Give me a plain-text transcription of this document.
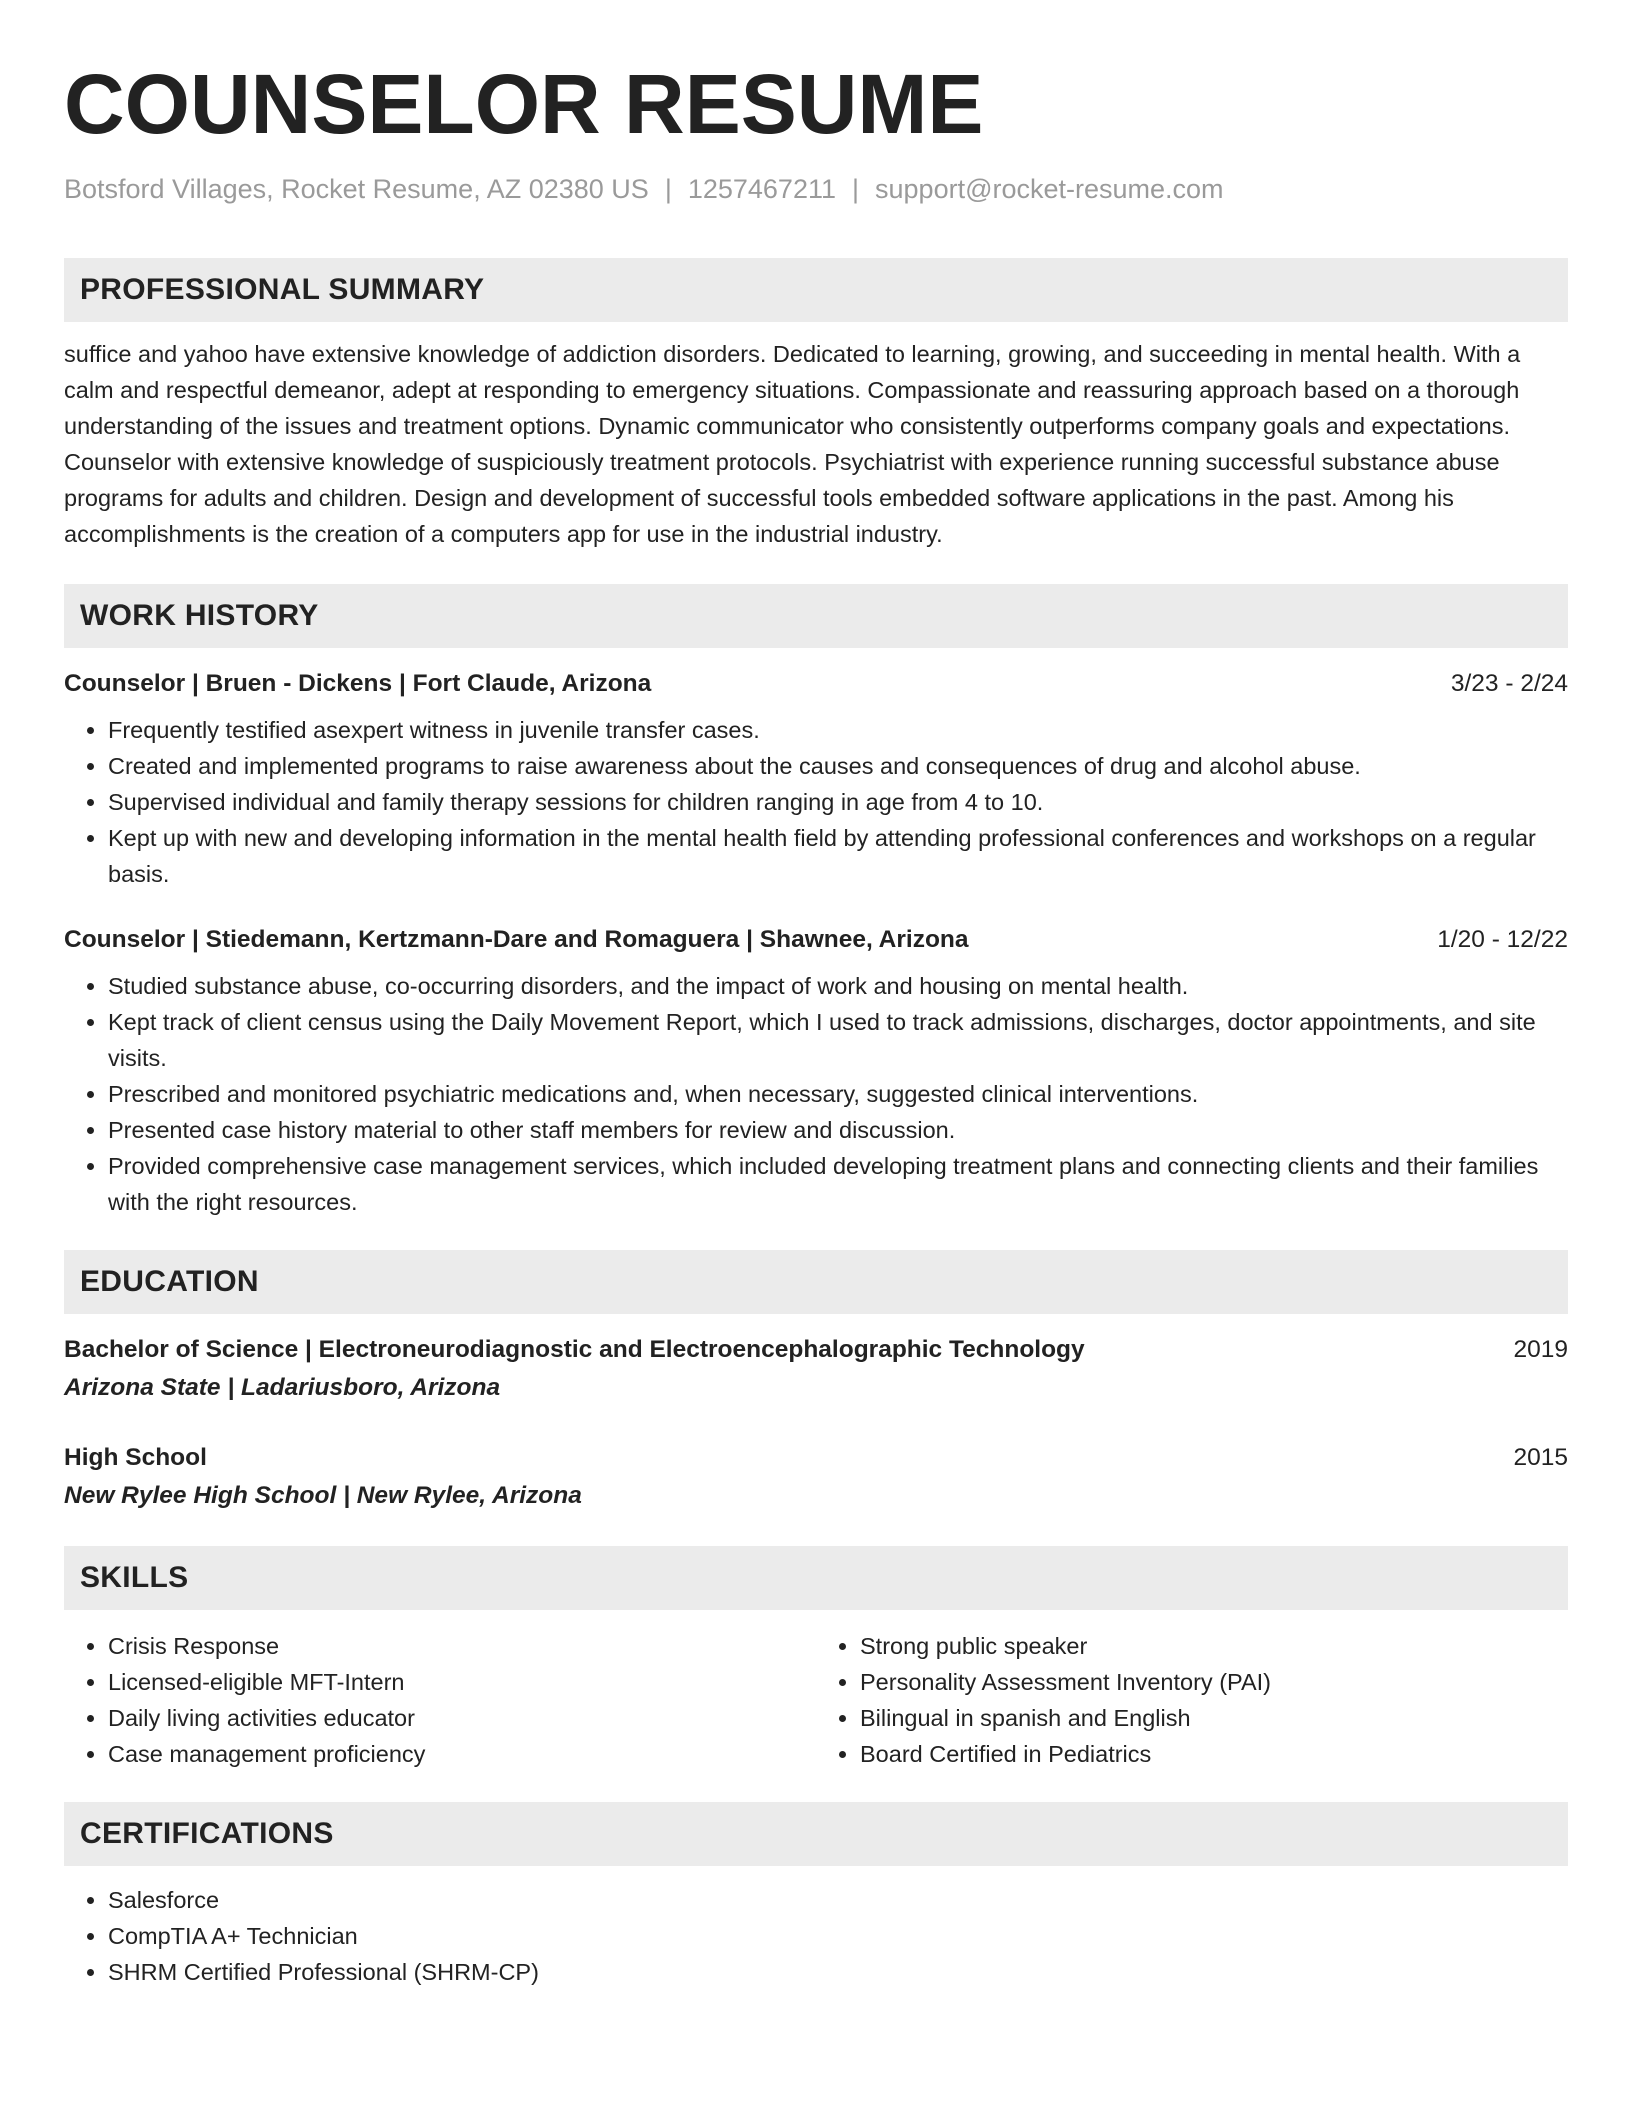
COUNSELOR RESUME
Botsford Villages, Rocket Resume, AZ 02380 US | 1257467211 | support@rocket-resume.com
PROFESSIONAL SUMMARY
suffice and yahoo have extensive knowledge of addiction disorders. Dedicated to learning, growing, and succeeding in mental health. With a calm and respectful demeanor, adept at responding to emergency situations. Compassionate and reassuring approach based on a thorough understanding of the issues and treatment options. Dynamic communicator who consistently outperforms company goals and expectations. Counselor with extensive knowledge of suspiciously treatment protocols. Psychiatrist with experience running successful substance abuse programs for adults and children. Design and development of successful tools embedded software applications in the past. Among his accomplishments is the creation of a computers app for use in the industrial industry.
WORK HISTORY
Counselor | Bruen - Dickens | Fort Claude, Arizona	3/23 - 2/24
• Frequently testified asexpert witness in juvenile transfer cases.
• Created and implemented programs to raise awareness about the causes and consequences of drug and alcohol abuse.
• Supervised individual and family therapy sessions for children ranging in age from 4 to 10.
• Kept up with new and developing information in the mental health field by attending professional conferences and workshops on a regular basis.
Counselor | Stiedemann, Kertzmann-Dare and Romaguera | Shawnee, Arizona	1/20 - 12/22
• Studied substance abuse, co-occurring disorders, and the impact of work and housing on mental health.
• Kept track of client census using the Daily Movement Report, which I used to track admissions, discharges, doctor appointments, and site visits.
• Prescribed and monitored psychiatric medications and, when necessary, suggested clinical interventions.
• Presented case history material to other staff members for review and discussion.
• Provided comprehensive case management services, which included developing treatment plans and connecting clients and their families with the right resources.
EDUCATION
Bachelor of Science | Electroneurodiagnostic and Electroencephalographic Technology	2019
Arizona State | Ladariusboro, Arizona
High School	2015
New Rylee High School | New Rylee, Arizona
SKILLS
• Crisis Response
• Licensed-eligible MFT-Intern
• Daily living activities educator
• Case management proficiency
• Strong public speaker
• Personality Assessment Inventory (PAI)
• Bilingual in spanish and English
• Board Certified in Pediatrics
CERTIFICATIONS
• Salesforce
• CompTIA A+ Technician
• SHRM Certified Professional (SHRM-CP)
